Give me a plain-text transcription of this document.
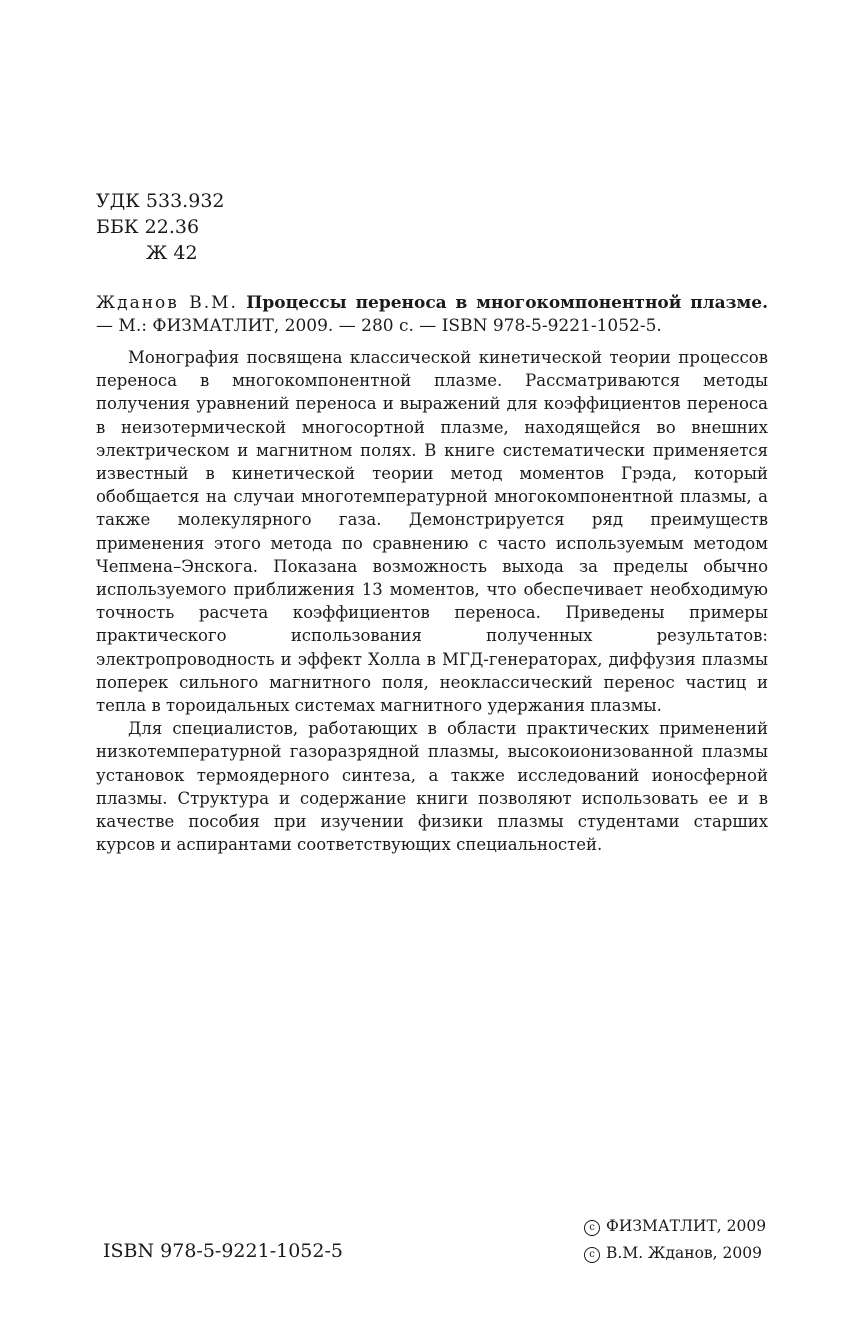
УДК 533.932
ББК 22.36
Ж 42
Жданов В.М. Процессы переноса в многокомпонентной плазме. — М.: ФИЗМАТЛИТ, 2009. — 280 с. — ISBN 978-5-9221-1052-5.

Монография посвящена классической кинетической теории процессов переноса в многокомпонентной плазме. Рассматриваются методы получения уравнений переноса и выражений для коэффициентов переноса в неизотермической многосортной плазме, находящейся во внешних электрическом и магнитном полях. В книге систематически применяется известный в кинетической теории метод моментов Грэда, который обобщается на случаи многотемпературной многокомпонентной плазмы, а также молекулярного газа. Демонстрируется ряд преимуществ применения этого метода по сравнению с часто используемым методом Чепмена–Энскога. Показана возможность выхода за пределы обычно используемого приближения 13 моментов, что обеспечивает необходимую точность расчета коэффициентов переноса. Приведены примеры практического использования полученных результатов: электропроводность и эффект Холла в МГД-генераторах, диффузия плазмы поперек сильного магнитного поля, неоклассический перенос частиц и тепла в тороидальных системах магнитного удержания плазмы.

Для специалистов, работающих в области практических применений низкотемпературной газоразрядной плазмы, высокоионизованной плазмы установок термоядерного синтеза, а также исследований ионосферной плазмы. Структура и содержание книги позволяют использовать ее и в качестве пособия при изучении физики плазмы студентами старших курсов и аспирантами соответствующих специальностей.

ISBN 978-5-9221-1052-5
c ФИЗМАТЛИТ, 2009
c В.М. Жданов, 2009
